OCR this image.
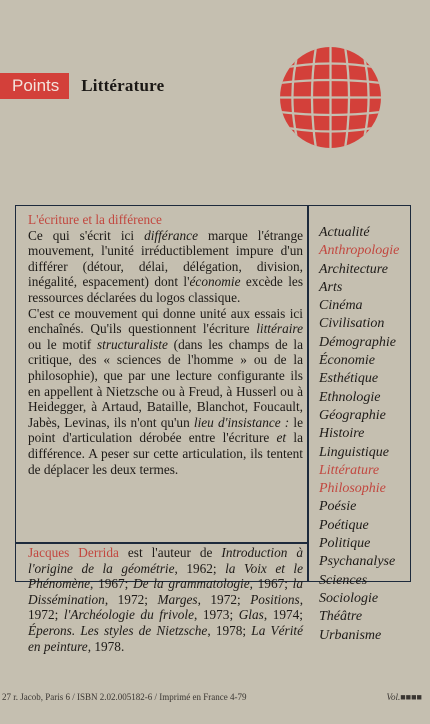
Points	Littérature

L'écriture et la différence

Ce qui s'écrit ici différance marque l'étrange mouvement, l'unité irréductiblement impure d'un différer (détour, délai, délégation, division, inégalité, espacement) dont l'économie excède les ressources déclarées du logos classique.

C'est ce mouvement qui donne unité aux essais ici enchaînés. Qu'ils questionnent l'écriture littéraire ou le motif structuraliste (dans les champs de la critique, des « sciences de l'homme » ou de la philosophie), que par une lecture configurante ils en appellent à Nietzsche ou à Freud, à Husserl ou à Heidegger, à Artaud, Bataille, Blanchot, Foucault, Jabès, Levinas, ils n'ont qu'un lieu d'insistance : le point d'articulation dérobée entre l'écriture et la différence. A peser sur cette articulation, ils tentent de déplacer les deux termes.

Jacques Derrida est l'auteur de Introduction à l'origine de la géométrie, 1962; la Voix et le Phénomène, 1967; De la grammatologie, 1967; la Dissémination, 1972; Marges, 1972; Positions, 1972; l'Archéologie du frivole, 1973; Glas, 1974; Éperons. Les styles de Nietzsche, 1978; La Vérité en peinture, 1978.

Actualité
Anthropologie
Architecture
Arts
Cinéma
Civilisation
Démographie
Économie
Esthétique
Ethnologie
Géographie
Histoire
Linguistique
Littérature
Philosophie
Poésie
Poétique
Politique
Psychanalyse
Sciences
Sociologie
Théâtre
Urbanisme
27 r. Jacob, Paris 6 / ISBN 2.02.005182-6 / Imprimé en France 4-79	Vol.■■■■
